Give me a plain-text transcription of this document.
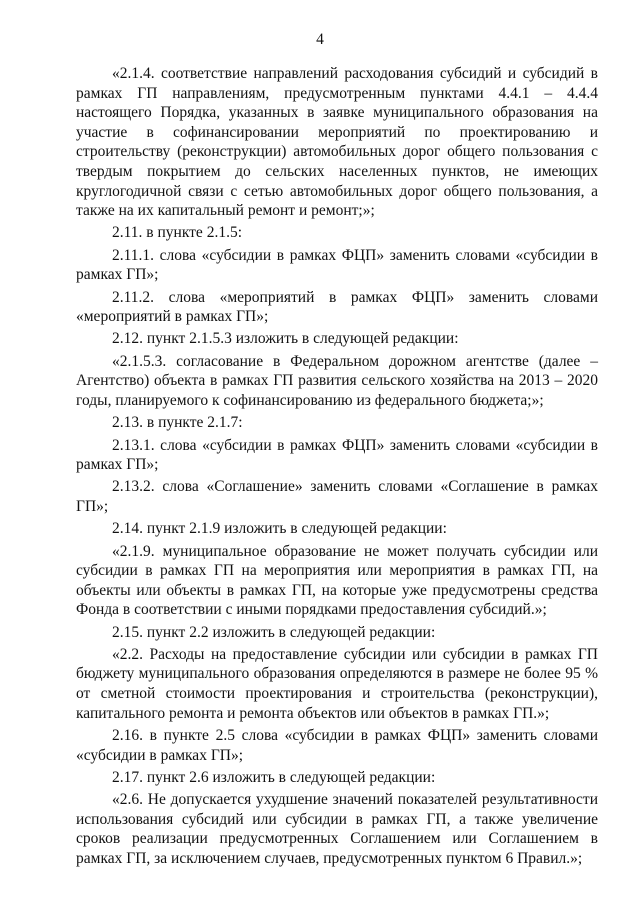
4

«2.1.4. соответствие направлений расходования субсидий и субсидий в рамках ГП направлениям, предусмотренным пунктами 4.4.1 – 4.4.4 настоящего Порядка, указанных в заявке муниципального образования на участие в софинансировании мероприятий по проектированию и строительству (реконструкции) автомобильных дорог общего пользования с твердым покрытием до сельских населенных пунктов, не имеющих круглогодичной связи с сетью автомобильных дорог общего пользования, а также на их капитальный ремонт и ремонт;»;

2.11. в пункте 2.1.5:

2.11.1. слова «субсидии в рамках ФЦП» заменить словами «субсидии в рамках ГП»;

2.11.2. слова «мероприятий в рамках ФЦП» заменить словами «мероприятий в рамках ГП»;

2.12. пункт 2.1.5.3 изложить в следующей редакции:

«2.1.5.3. согласование в Федеральном дорожном агентстве (далее – Агентство) объекта в рамках ГП развития сельского хозяйства на 2013 – 2020 годы, планируемого к софинансированию из федерального бюджета;»;

2.13. в пункте 2.1.7:

2.13.1. слова «субсидии в рамках ФЦП» заменить словами «субсидии в рамках ГП»;

2.13.2. слова «Соглашение» заменить словами «Соглашение в рамках ГП»;

2.14. пункт 2.1.9 изложить в следующей редакции:

«2.1.9. муниципальное образование не может получать субсидии или субсидии в рамках ГП на мероприятия или мероприятия в рамках ГП, на объекты или объекты в рамках ГП, на которые уже предусмотрены средства Фонда в соответствии с иными порядками предоставления субсидий.»;

2.15. пункт 2.2 изложить в следующей редакции:

«2.2. Расходы на предоставление субсидии или субсидии в рамках ГП бюджету муниципального образования определяются в размере не более 95 % от сметной стоимости проектирования и строительства (реконструкции), капитального ремонта и ремонта объектов или объектов в рамках ГП.»;

2.16. в пункте 2.5 слова «субсидии в рамках ФЦП» заменить словами «субсидии в рамках ГП»;

2.17. пункт 2.6 изложить в следующей редакции:

«2.6. Не допускается ухудшение значений показателей результативности использования субсидий или субсидии в рамках ГП, а также увеличение сроков реализации предусмотренных Соглашением или Соглашением в рамках ГП, за исключением случаев, предусмотренных пунктом 6 Правил.»;
